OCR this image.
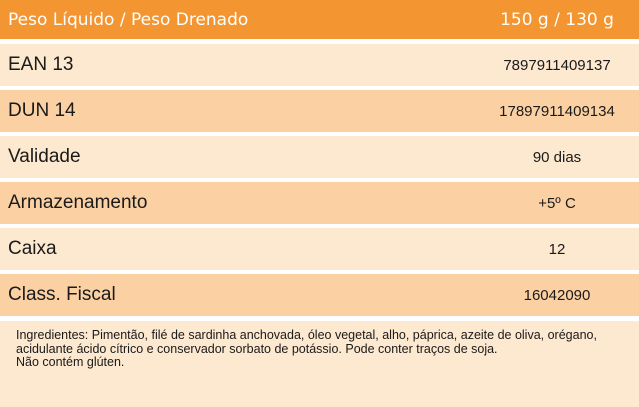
Peso Líquido / Peso Drenado	150 g / 130 g
EAN 13	7897911409137
DUN 14	17897911409134
Validade	90 dias
Armazenamento	+5º C
Caixa	12
Class. Fiscal	16042090

Ingredientes: Pimentão, filé de sardinha anchovada, óleo vegetal, alho, páprica, azeite de oliva, orégano, acidulante ácido cítrico e conservador sorbato de potássio. Pode conter traços de soja.

Não contém glúten.
